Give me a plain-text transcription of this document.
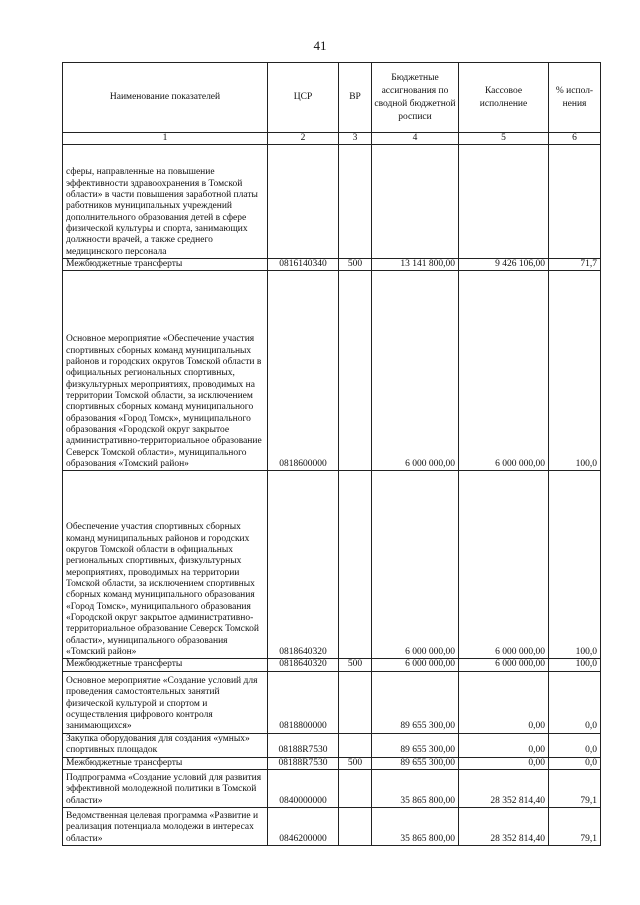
41
Наименование показателей	ЦСР	ВР	Бюджетные ассигнования по сводной бюджетной росписи	Кассовое исполнение	% испол-нения
1	2	3	4	5	6
сферы, направленные на повышение эффективности здравоохранения в Томской области» в части повышения заработной платы работников муниципальных учреждений дополнительного образования детей в сфере физической культуры и спорта, занимающих должности врачей, а также среднего медицинского персонала					
Межбюджетные трансферты	0816140340	500	13 141 800,00	9 426 106,00	71,7
Основное мероприятие «Обеспечение участия спортивных сборных команд муниципальных районов и городских округов Томской области в официальных региональных спортивных, физкультурных мероприятиях, проводимых на территории Томской области, за исключением спортивных сборных команд муниципального образования «Город Томск», муниципального образования «Городской округ закрытое административно-территориальное образование Северск Томской области», муниципального образования «Томский район»	0818600000		6 000 000,00	6 000 000,00	100,0
Обеспечение участия спортивных сборных команд муниципальных районов и городских округов Томской области в официальных региональных спортивных, физкультурных мероприятиях, проводимых на территории Томской области, за исключением спортивных сборных команд муниципального образования «Город Томск», муниципального образования «Городской округ закрытое административно-территориальное образование Северск Томской области», муниципального образования «Томский район»	0818640320		6 000 000,00	6 000 000,00	100,0
Межбюджетные трансферты	0818640320	500	6 000 000,00	6 000 000,00	100,0
Основное мероприятие «Создание условий для проведения самостоятельных занятий физической культурой и спортом и осуществления цифрового контроля занимающихся»	0818800000		89 655 300,00	0,00	0,0
Закупка оборудования для создания «умных» спортивных площадок	08188R7530		89 655 300,00	0,00	0,0
Межбюджетные трансферты	08188R7530	500	89 655 300,00	0,00	0,0
Подпрограмма «Создание условий для развития эффективной молодежной политики в Томской области»	0840000000		35 865 800,00	28 352 814,40	79,1
Ведомственная целевая программа «Развитие и реализация потенциала молодежи в интересах области»	0846200000		35 865 800,00	28 352 814,40	79,1
